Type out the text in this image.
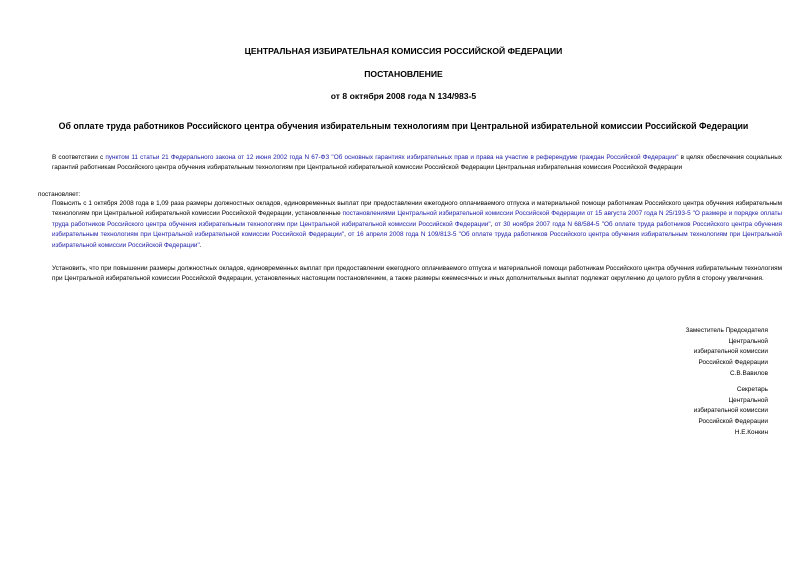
ЦЕНТРАЛЬНАЯ ИЗБИРАТЕЛЬНАЯ КОМИССИЯ РОССИЙСКОЙ ФЕДЕРАЦИИ
ПОСТАНОВЛЕНИЕ
от 8 октября 2008 года N 134/983-5
Об оплате труда работников Российского центра обучения избирательным технологиям при Центральной избирательной комиссии Российской Федерации
В соответствии с пунктом 11 статьи 21 Федерального закона от 12 июня 2002 года N 67-ФЗ "Об основных гарантиях избирательных прав и права на участие в референдуме граждан Российской Федерации" в целях обеспечения социальных гарантий работникам Российского центра обучения избирательным технологиям при Центральной избирательной комиссии Российской Федерации Центральная избирательная комиссия Российской Федерации
постановляет:
Повысить с 1 октября 2008 года в 1,09 раза размеры должностных окладов, единовременных выплат при предоставлении ежегодного оплачиваемого отпуска и материальной помощи работникам Российского центра обучения избирательным технологиям при Центральной избирательной комиссии Российской Федерации, установленные постановлениями Центральной избирательной комиссии Российской Федерации от 15 августа 2007 года N 25/193-5 "О размере и порядке оплаты труда работников Российского центра обучения избирательным технологиям при Центральной избирательной комиссии Российской Федерации", от 30 ноября 2007 года N 68/584-5 "Об оплате труда работников Российского центра обучения избирательным технологиям при Центральной избирательной комиссии Российской Федерации", от 16 апреля 2008 года N 109/813-5 "Об оплате труда работников Российского центра обучения избирательным технологиям при Центральной избирательной комиссии Российской Федерации".
Установить, что при повышении размеры должностных окладов, единовременных выплат при предоставлении ежегодного оплачиваемого отпуска и материальной помощи работникам Российского центра обучения избирательным технологиям при Центральной избирательной комиссии Российской Федерации, установленных настоящим постановлением, а также размеры ежемесячных и иных дополнительных выплат подлежат округлению до целого рубля в сторону увеличения.
Заместитель Председателя
Центральной
избирательной комиссии
Российской Федерации
С.В.Вавилов
Секретарь
Центральной
избирательной комиссии
Российской Федерации
Н.Е.Конкин
